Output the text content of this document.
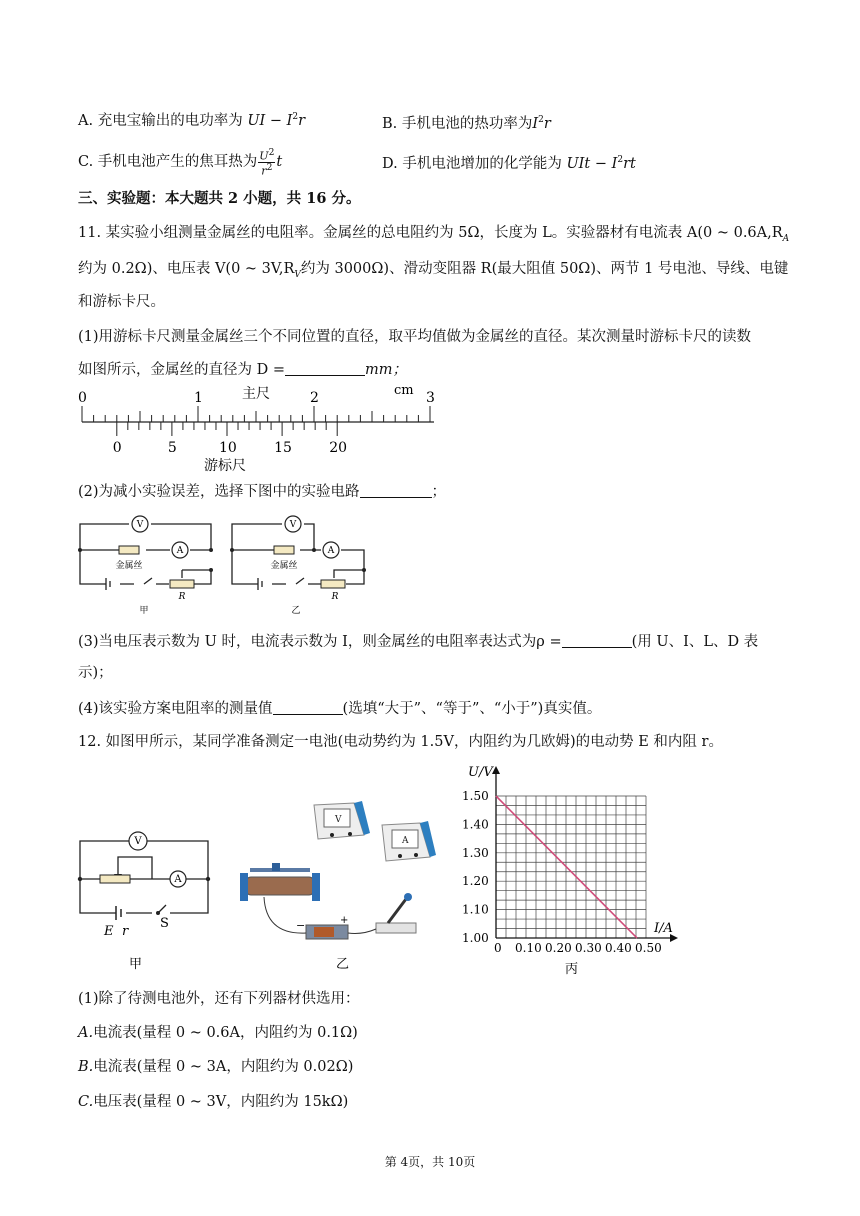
A. 充电宝输出的电功率为 UI − $I^2r$	B. 手机电池的热功率为$I^2r$
C. 手机电池产生的焦耳热为 $\frac{U^2}{r^2}$ t	D. 手机电池增加的化学能为 UIt − $I^2rt$
三、实验题：本大题共 2 小题，共 16 分。
11. 某实验小组测量金属丝的电阻率。金属丝的总电阻约为 5Ω，长度为 L。实验器材有电流表 A(0 ~ $0.6A,R_A$
约为 0.2Ω)、电压表 V(0 ~ $3V,R_V$约为 3000Ω)、滑动变阻器 R(最大阻值 50Ω)、两节 1 号电池、导线、电键
和游标卡尺。
(1)用游标卡尺测量金属丝三个不同位置的直径，取平均值做为金属丝的直径。某次测量时游标卡尺的读数
如图所示，金属丝的直径为 D =	mm；
0	1	2	3
主尺	cm
0	5	10	15	20
游标尺
(2)为减小实验误差，选择下图中的实验电路	；
V
A
V
A
金属丝	金属丝
R	R
甲	乙
(3)当电压表示数为 U 时，电流表示数为 I，则金属丝的电阻率表达式为ρ =	(用 U、I、L、D 表
示)；
(4)该实验方案电阻率的测量值	(选填“大于”、“等于”、“小于”)真实值。
12. 如图甲所示，某同学准备测定一电池(电动势约为 1.5V，内阻约为几欧姆)的电动势 E 和内阻 r。
V
A
E r
S
甲
V
A
−	+
乙
1.00
1.10
1.20
1.30
1.40
1.50
0 0.10 0.20 0.30 0.40 0.50
U/V
I/A
丙
(1)除了待测电池外，还有下列器材供选用：
A.电流表(量程 0 ~ 0.6A，内阻约为 0.1Ω)
B.电流表(量程 0 ~ 3A，内阻约为 0.02Ω)
C.电压表(量程 0 ~ 3V，内阻约为 15kΩ)
第 4页，共 10页
